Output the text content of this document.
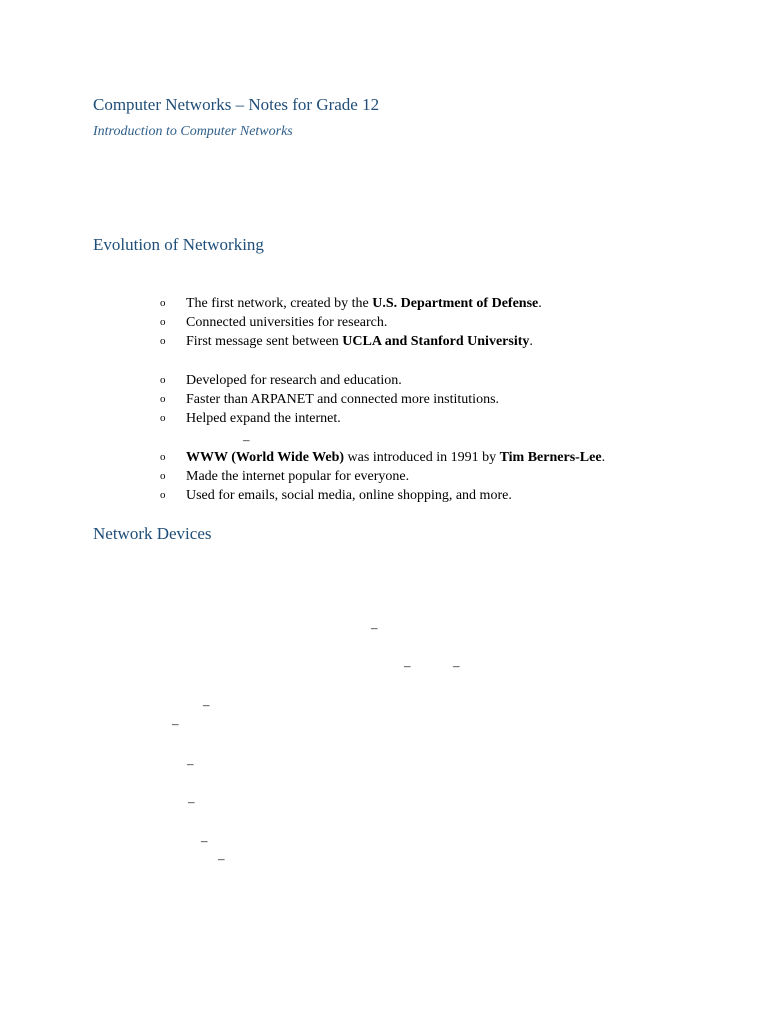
Computer Networks – Notes for Grade 12
Introduction to Computer Networks
Evolution of Networking
o The first network, created by the U.S. Department of Defense.
o Connected universities for research.
o First message sent between UCLA and Stanford University.
o Developed for research and education.
o Faster than ARPANET and connected more institutions.
o Helped expand the internet.
o WWW (World Wide Web) was introduced in 1991 by Tim Berners-Lee.
o Made the internet popular for everyone.
o Used for emails, social media, online shopping, and more.
–
Network Devices
–
–	–
–
–
–
–
–
–
